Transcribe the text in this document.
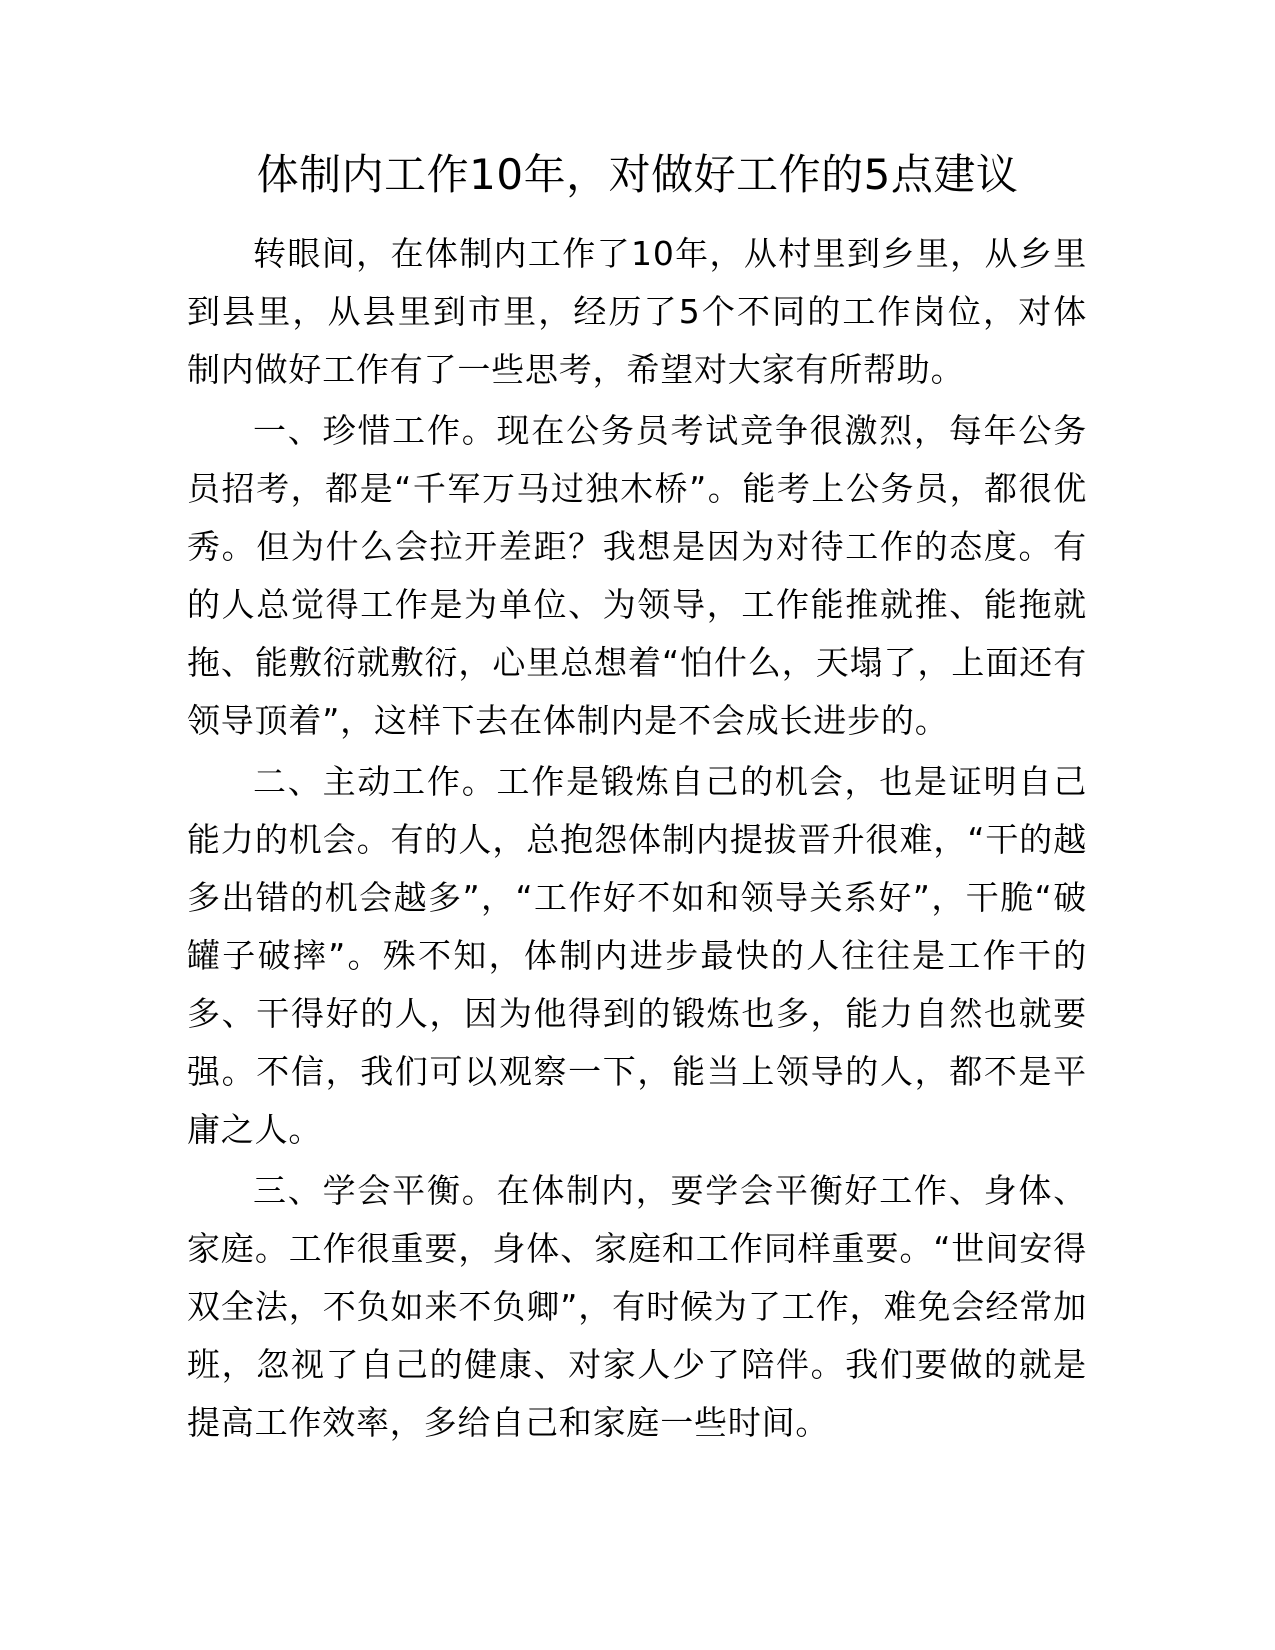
体制内工作10年，对做好工作的5点建议

转眼间，在体制内工作了10年，从村里到乡里，从乡里到县里，从县里到市里，经历了5个不同的工作岗位，对体制内做好工作有了一些思考，希望对大家有所帮助。

一、珍惜工作。现在公务员考试竞争很激烈，每年公务员招考，都是“千军万马过独木桥”。能考上公务员，都很优秀。但为什么会拉开差距？我想是因为对待工作的态度。有的人总觉得工作是为单位、为领导，工作能推就推、能拖就拖、能敷衍就敷衍，心里总想着“怕什么，天塌了，上面还有领导顶着”，这样下去在体制内是不会成长进步的。

二、主动工作。工作是锻炼自己的机会，也是证明自己能力的机会。有的人，总抱怨体制内提拔晋升很难，“干的越多出错的机会越多”，“工作好不如和领导关系好”，干脆“破罐子破摔”。殊不知，体制内进步最快的人往往是工作干的多、干得好的人，因为他得到的锻炼也多，能力自然也就要强。不信，我们可以观察一下，能当上领导的人，都不是平庸之人。

三、学会平衡。在体制内，要学会平衡好工作、身体、家庭。工作很重要，身体、家庭和工作同样重要。“世间安得双全法，不负如来不负卿”，有时候为了工作，难免会经常加班，忽视了自己的健康、对家人少了陪伴。我们要做的就是提高工作效率，多给自己和家庭一些时间。
